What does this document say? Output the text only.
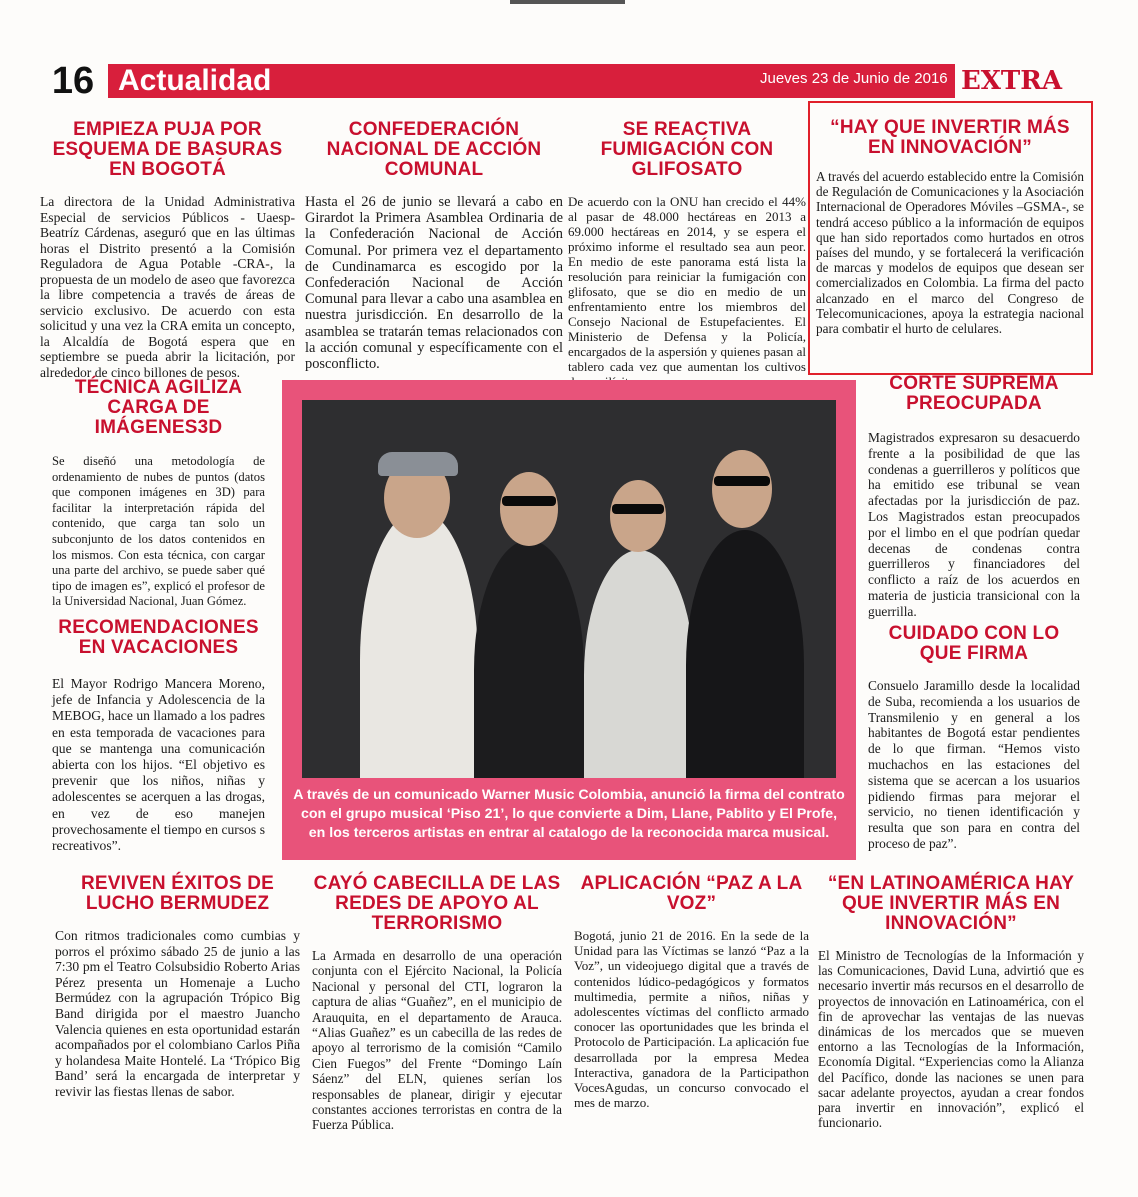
16 Actualidad	Jueves 23 de Junio de 2016 EXTRA
EMPIEZA PUJA POR ESQUEMA DE BASURAS EN BOGOTÁ

La directora de la Unidad Administrativa Especial de servicios Públicos - Uaesp- Beatríz Cárdenas, aseguró que en las últimas horas el Distrito presentó a la Comisión Reguladora de Agua Potable -CRA-, la propuesta de un modelo de aseo que favorezca la libre competencia a través de áreas de servicio exclusivo. De acuerdo con esta solicitud y una vez la CRA emita un concepto, la Alcaldía de Bogotá espera que en septiembre se pueda abrir la licitación, por alrededor de cinco billones de pesos.

CONFEDERACIÓN NACIONAL DE ACCIÓN COMUNAL

Hasta el 26 de junio se llevará a cabo en Girardot la Primera Asamblea Ordinaria de la Confederación Nacional de Acción Comunal. Por primera vez el departamento de Cundinamarca es escogido por la Confederación Nacional de Acción Comunal para llevar a cabo una asamblea en nuestra jurisdicción. En desarrollo de la asamblea se tratarán temas relacionados con la acción comunal y específicamente con el posconflicto.

SE REACTIVA FUMIGACIÓN CON GLIFOSATO

De acuerdo con la ONU han crecido el 44% al pasar de 48.000 hectáreas en 2013 a 69.000 hectáreas en 2014, y se espera el próximo informe el resultado sea aun peor. En medio de este panorama está lista la resolución para reiniciar la fumigación con glifosato, que se dio en medio de un enfrentamiento entre los miembros del Consejo Nacional de Estupefacientes. El Ministerio de Defensa y la Policía, encargados de la aspersión y quienes pasan al tablero cada vez que aumentan los cultivos

“HAY QUE INVERTIR MÁS EN INNOVACIÓN”

A través del acuerdo establecido entre la Comisión de Regulación de Comunicaciones y la Asociación Internacional de Operadores Móviles –GSMA-, se tendrá acceso público a la información de equipos que han sido reportados como hurtados en otros países del mundo, y se fortalecerá la verificación de marcas y modelos de equipos que desean ser comercializados en Colombia. La firma del pacto alcanzado en el marco del Congreso de Telecomunicaciones, apoya la estrategia nacional para combatir el hurto de celulares.

TÉCNICA AGILIZA CARGA DE IMÁGENES3D

Se diseñó una metodología de ordenamiento de nubes de puntos (datos que componen imágenes en 3D) para facilitar la interpretación rápida del contenido, que carga tan solo un subconjunto de los datos contenidos en los mismos. Con esta técnica, con cargar una parte del archivo, se puede saber qué tipo de imagen es”, explicó el profesor de la Universidad Nacional, Juan Gómez.

RECOMENDACIONES EN VACACIONES

El Mayor Rodrigo Mancera Moreno, jefe de Infancia y Adolescencia de la MEBOG, hace un llamado a los padres en esta temporada de vacaciones para que se mantenga una comunicación abierta con los hijos. “El objetivo es prevenir que los niños, niñas y adolescentes se acerquen a las drogas, en vez de eso manejen provechosamente el tiempo en cursos s recreativos”.

A través de un comunicado Warner Music Colombia, anunció la firma del contrato con el grupo musical ‘Piso 21’, lo que convierte a Dim, Llane, Pablito y El Profe, en los terceros artistas en entrar al catalogo de la reconocida marca musical.
CORTE SUPREMA PREOCUPADA

Magistrados expresaron su desacuerdo frente a la posibilidad de que las condenas a guerrilleros y políticos que ha emitido ese tribunal se vean afectadas por la jurisdicción de paz. Los Magistrados estan preocupados por el limbo en el que podrían quedar decenas de condenas contra guerrilleros y financiadores del conflicto a raíz de los acuerdos en materia de justicia transicional con la guerrilla.

CUIDADO CON LO QUE FIRMA

Consuelo Jaramillo desde la localidad de Suba, recomienda a los usuarios de Transmilenio y en general a los habitantes de Bogotá estar pendientes de lo que firman. “Hemos visto muchachos en las estaciones del sistema que se acercan a los usuarios pidiendo firmas para mejorar el servicio, no tienen identificación y resulta que son para en contra del proceso de paz”.

REVIVEN ÉXITOS DE LUCHO BERMUDEZ

Con ritmos tradicionales como cumbias y porros el próximo sábado 25 de junio a las 7:30 pm el Teatro Colsubsidio Roberto Arias Pérez presenta un Homenaje a Lucho Bermúdez con la agrupación Trópico Big Band dirigida por el maestro Juancho Valencia quienes en esta oportunidad estarán acompañados por el colombiano Carlos Piña y holandesa Maite Hontelé. La ‘Trópico Big Band’ será la encargada de interpretar y revivir las fiestas llenas de sabor.

CAYÓ CABECILLA DE LAS REDES DE APOYO AL TERRORISMO

La Armada en desarrollo de una operación conjunta con el Ejército Nacional, la Policía Nacional y personal del CTI, lograron la captura de alias “Guañez”, en el municipio de Arauquita, en el departamento de Arauca. “Alias Guañez” es un cabecilla de las redes de apoyo al terrorismo de la comisión “Camilo Cien Fuegos” del Frente “Domingo Laín Sáenz” del ELN, quienes serían los responsables de planear, dirigir y ejecutar constantes acciones terroristas en contra de la Fuerza Pública.

APLICACIÓN “PAZ A LA VOZ”

Bogotá, junio 21 de 2016. En la sede de la Unidad para las Víctimas se lanzó “Paz a la Voz”, un videojuego digital que a través de contenidos lúdico-pedagógicos y formatos multimedia, permite a niños, niñas y adolescentes víctimas del conflicto armado conocer las oportunidades que les brinda el Protocolo de Participación. La aplicación fue desarrollada por la empresa Medea Interactiva, ganadora de la Participathon VocesAgudas, un concurso convocado el mes de marzo.

“EN LATINOAMÉRICA HAY QUE INVERTIR MÁS EN INNOVACIÓN”

El Ministro de Tecnologías de la Información y las Comunicaciones, David Luna, advirtió que es necesario invertir más recursos en el desarrollo de proyectos de innovación en Latinoamérica, con el fin de aprovechar las ventajas de las nuevas dinámicas de los mercados que se mueven entorno a las Tecnologías de la Información, Economía Digital. “Experiencias como la Alianza del Pacífico, donde las naciones se unen para sacar adelante proyectos, ayudan a crear fondos para invertir en innovación”, explicó el funcionario.
